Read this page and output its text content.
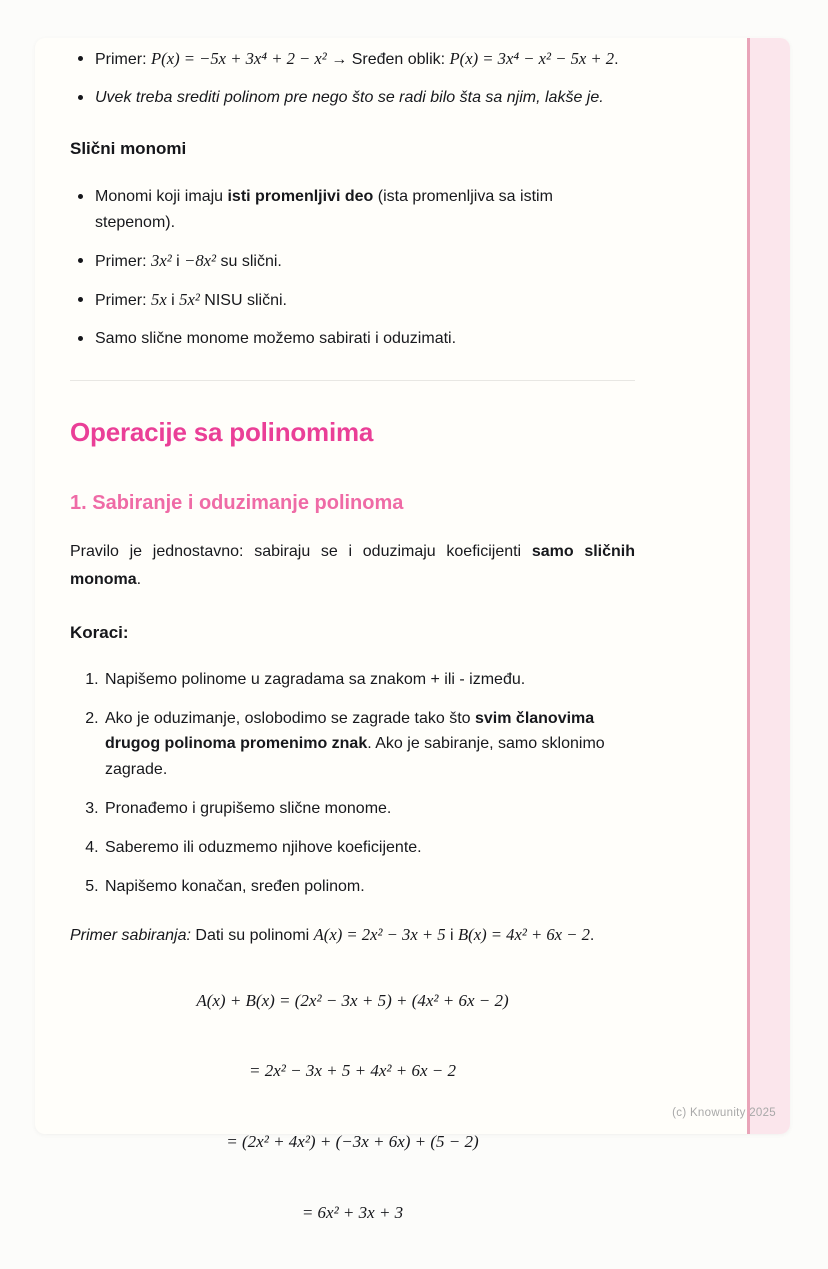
Primer: P(x) = −5x + 3x⁴ + 2 − x² → Sređen oblik: P(x) = 3x⁴ − x² − 5x + 2.
Uvek treba srediti polinom pre nego što se radi bilo šta sa njim, lakše je.
Slični monomi
Monomi koji imaju isti promenljivi deo (ista promenljiva sa istim stepenom).
Primer: 3x² i −8x² su slični.
Primer: 5x i 5x² NISU slični.
Samo slične monome možemo sabirati i oduzimati.
Operacije sa polinomima
1. Sabiranje i oduzimanje polinoma

Pravilo je jednostavno: sabiraju se i oduzimaju koeficijenti samo sličnih monoma.

Koraci:
1. Napišemo polinome u zagradama sa znakom + ili - između.
2. Ako je oduzimanje, oslobodimo se zagrade tako što svim članovima drugog polinoma promenimo znak. Ako je sabiranje, samo sklonimo zagrade.
3. Pronađemo i grupišemo slične monome.
4. Saberemo ili oduzmemo njihove koeficijente.
5. Napišemo konačan, sređen polinom.

Primer sabiranja: Dati su polinomi A(x) = 2x² − 3x + 5 i B(x) = 4x² + 6x − 2.

A(x) + B(x) = (2x² − 3x + 5) + (4x² + 6x − 2)
= 2x² − 3x + 5 + 4x² + 6x − 2
= (2x² + 4x²) + (−3x + 6x) + (5 − 2)
= 6x² + 3x + 3
(c) Knowunity 2025
